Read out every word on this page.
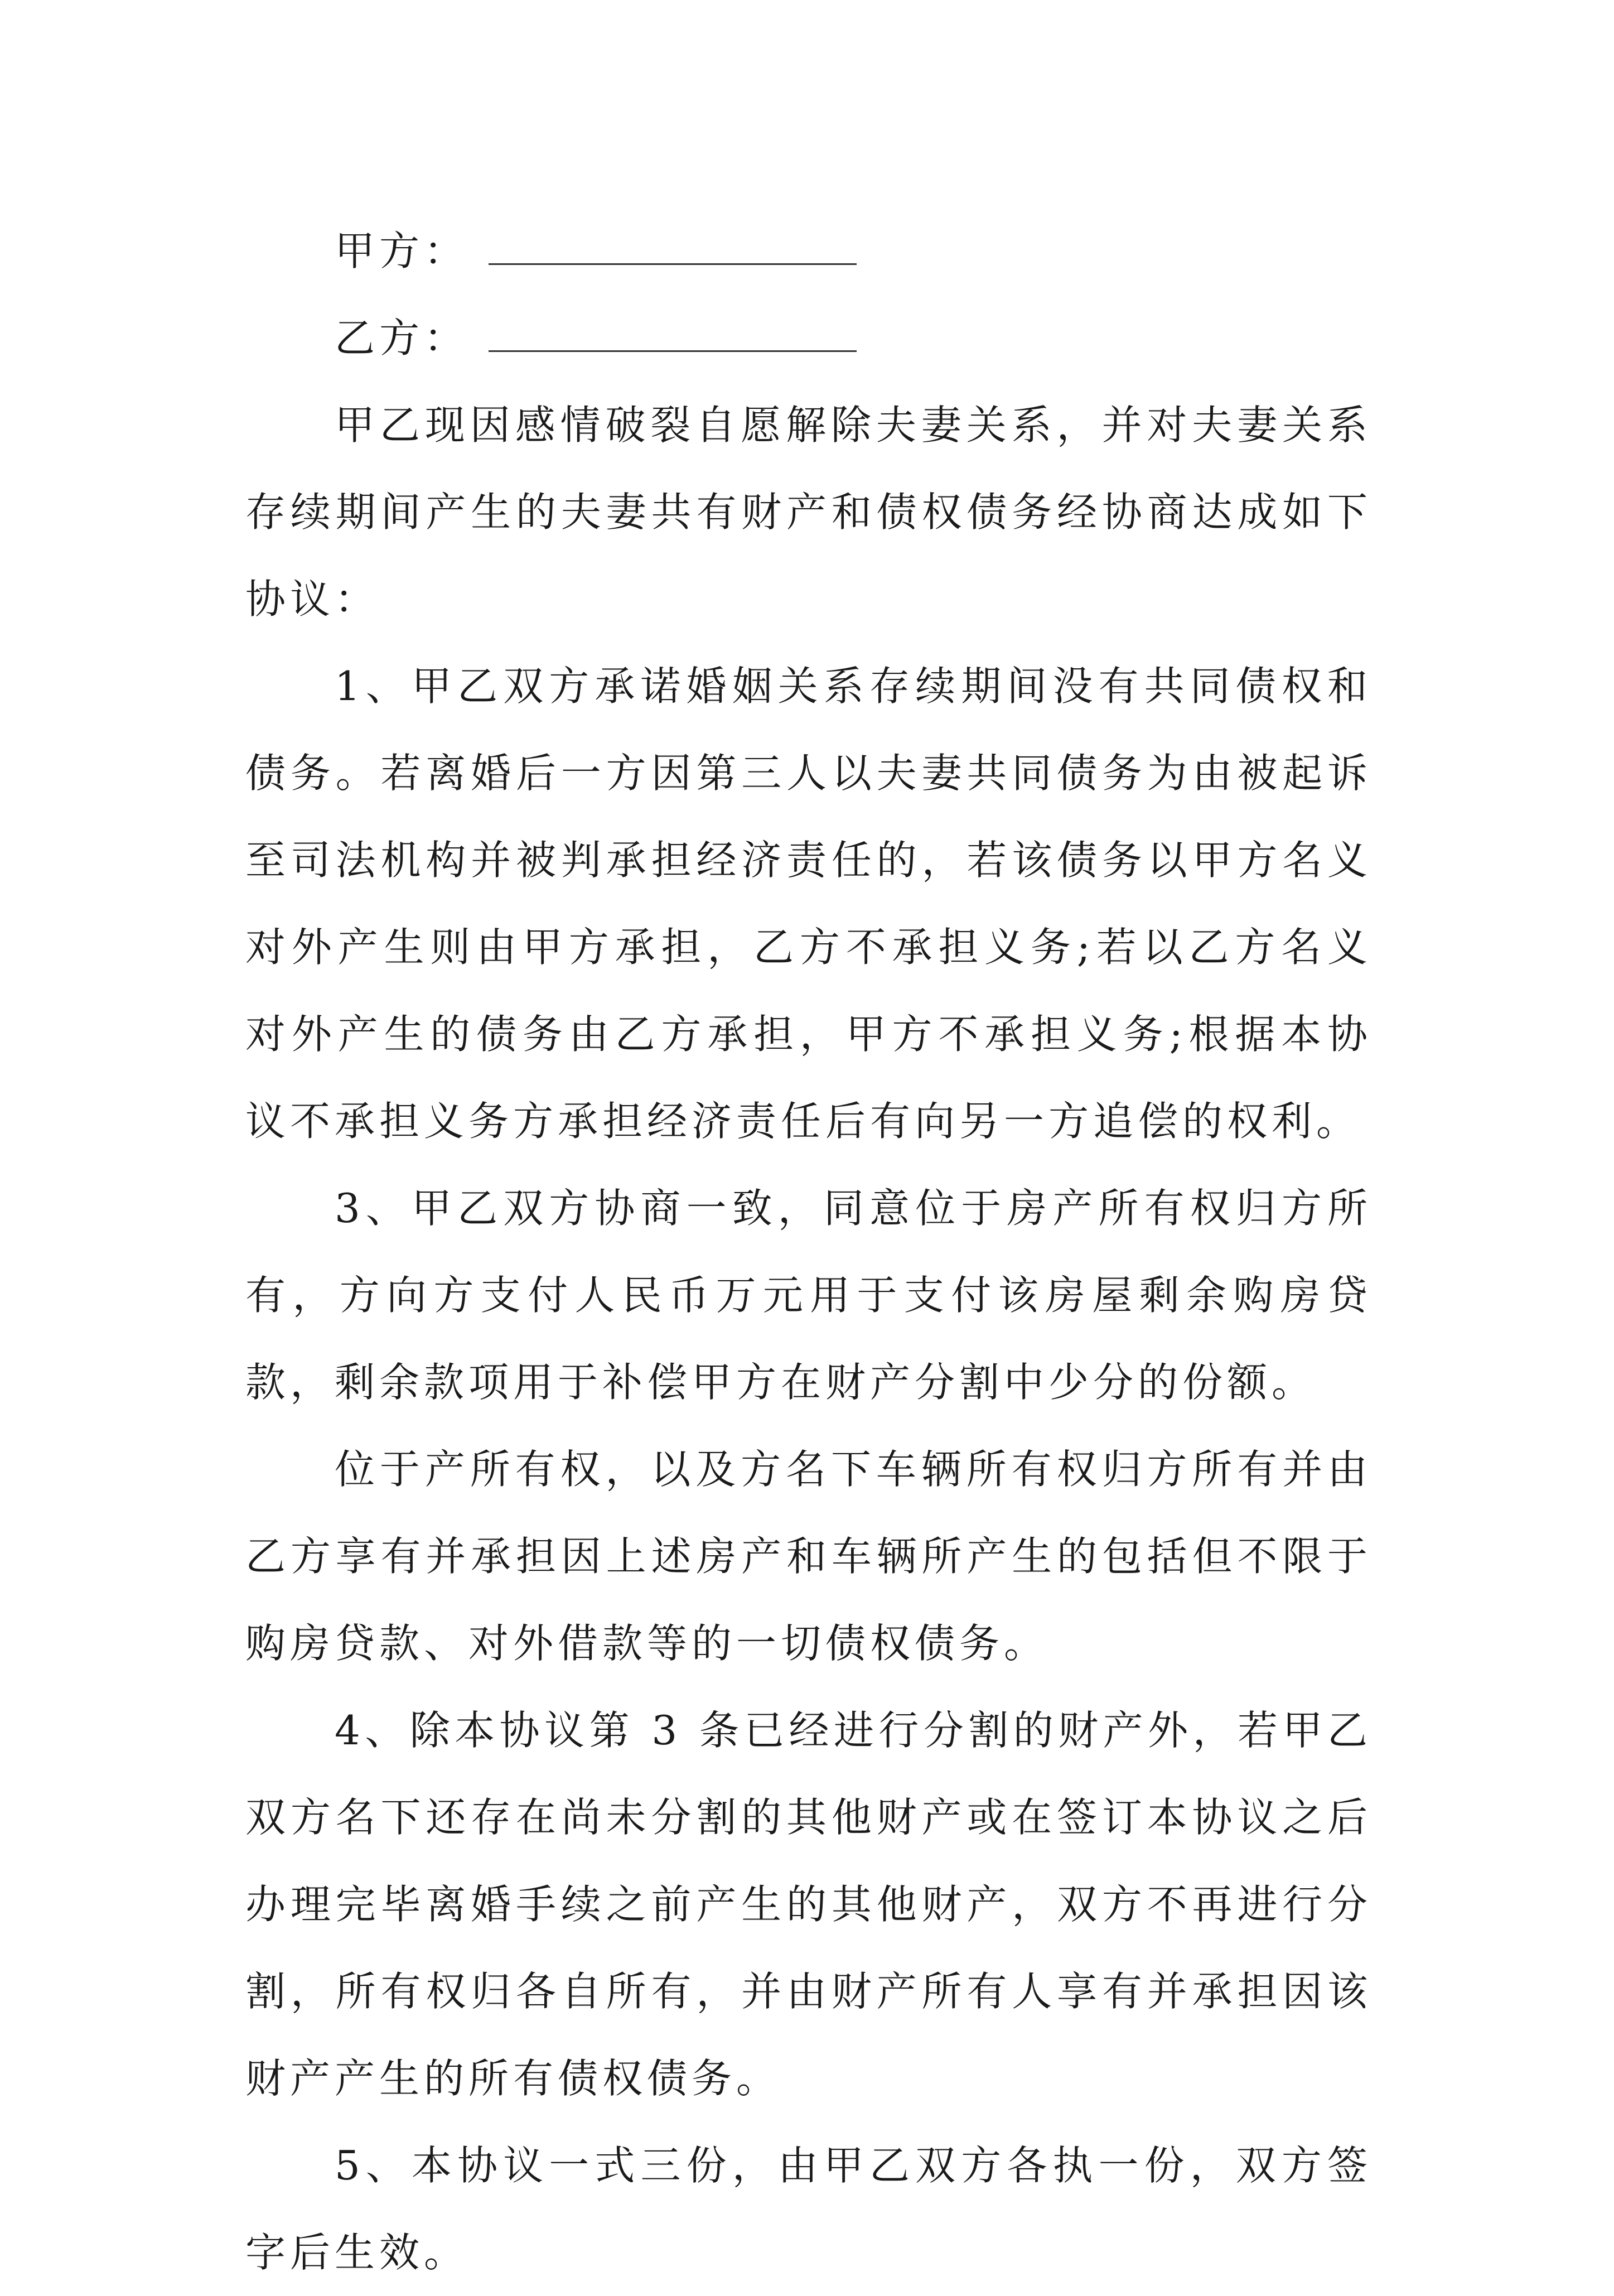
甲方：
乙方：

甲乙现因感情破裂自愿解除夫妻关系，并对夫妻关系存续期间产生的夫妻共有财产和债权债务经协商达成如下协议：

1、甲乙双方承诺婚姻关系存续期间没有共同债权和债务。若离婚后一方因第三人以夫妻共同债务为由被起诉至司法机构并被判承担经济责任的，若该债务以甲方名义对外产生则由甲方承担，乙方不承担义务;若以乙方名义对外产生的债务由乙方承担，甲方不承担义务;根据本协议不承担义务方承担经济责任后有向另一方追偿的权利。

3、甲乙双方协商一致，同意位于房产所有权归方所有，方向方支付人民币万元用于支付该房屋剩余购房贷款，剩余款项用于补偿甲方在财产分割中少分的份额。

位于产所有权，以及方名下车辆所有权归方所有并由乙方享有并承担因上述房产和车辆所产生的包括但不限于购房贷款、对外借款等的一切债权债务。

4、除本协议第 3 条已经进行分割的财产外，若甲乙双方名下还存在尚未分割的其他财产或在签订本协议之后办理完毕离婚手续之前产生的其他财产，双方不再进行分割，所有权归各自所有，并由财产所有人享有并承担因该财产产生的所有债权债务。

5、本协议一式三份，由甲乙双方各执一份，双方签字后生效。
